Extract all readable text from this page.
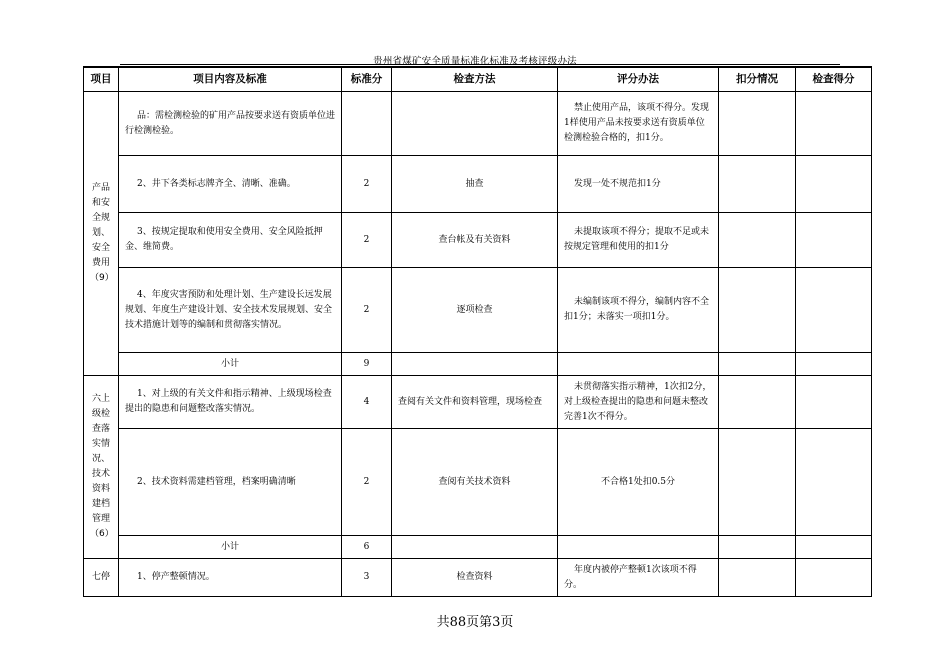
贵州省煤矿安全质量标准化标准及考核评级办法
项目	项目内容及标准	标准分	检查方法	评分办法	扣分情况	检查得分
产品和安全规划、安全费用（9）	品：需检测检验的矿用产品按要求送有资质单位进行检测检验。			禁止使用产品，该项不得分。发现1样使用产品未按要求送有资质单位检测检验合格的，扣1分。		
	2、井下各类标志牌齐全、清晰、准确。	2	抽查	发现一处不规范扣1分		
	3、按规定提取和使用安全费用、安全风险抵押金、维简费。	2	查台帐及有关资料	未提取该项不得分；提取不足或未按规定管理和使用的扣1分		
	4、年度灾害预防和处理计划、生产建设长远发展规划、年度生产建设计划、安全技术发展规划、安全技术措施计划等的编制和贯彻落实情况。	2	逐项检查	未编制该项不得分，编制内容不全扣1分；未落实一项扣1分。		
	小计	9				
六上级检查落实情况、技术资料建档管理（6）	1、对上级的有关文件和指示精神、上级现场检查提出的隐患和问题整改落实情况。	4	查阅有关文件和资料管理，现场检查	未贯彻落实指示精神，1次扣2分，对上级检查提出的隐患和问题未整改完善1次不得分。		
	2、技术资料需建档管理，档案明确清晰	2	查阅有关技术资料	不合格1处扣0.5分		
	小计	6				
七停	1、停产整顿情况。	3	检查资料	年度内被停产整顿1次该项不得分。		
共88页第3页
